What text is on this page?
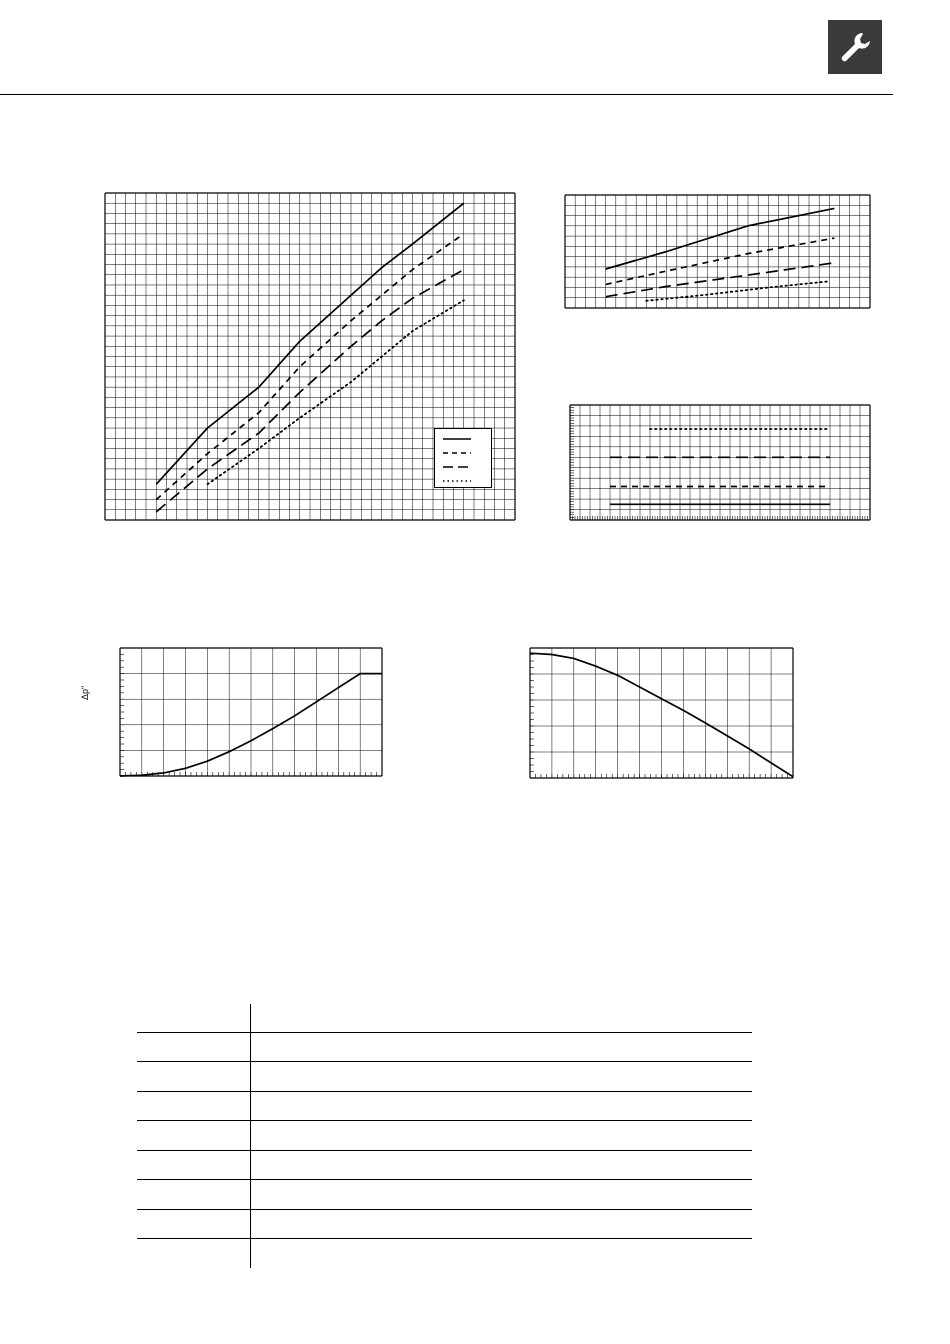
Δp"
